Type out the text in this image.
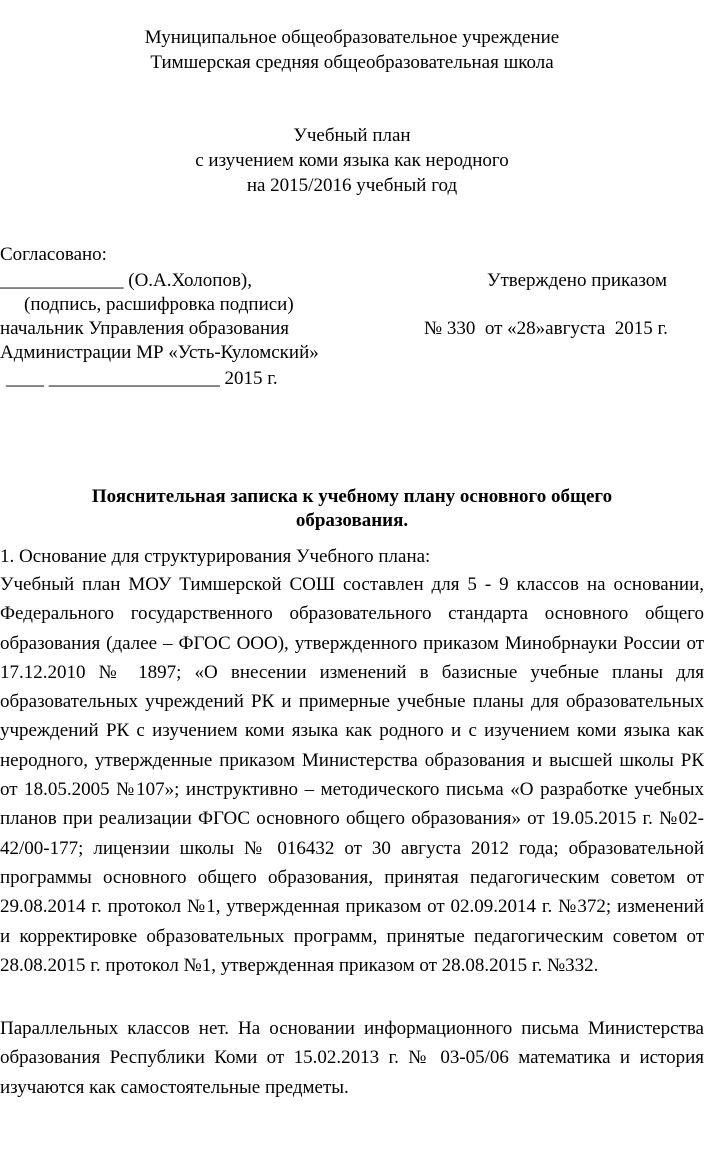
Муниципальное общеобразовательное учреждение
Тимшерская средняя общеобразовательная школа
Учебный план
с изучением коми языка как неродного
на 2015/2016 учебный год
Согласовано:
_____________ (О.А.Холопов),
(подпись, расшифровка подписи)
начальник Управления образования
Администрации МР «Усть-Куломский»
____ __________________ 2015 г.
Утверждено приказом
№ 330  от «28»августа  2015 г.
Пояснительная записка к учебному плану основного общего
образования.
1. Основание для структурирования Учебного плана:
Учебный план МОУ Тимшерской СОШ составлен для 5 - 9 классов на основании, Федерального государственного образовательного стандарта основного общего образования (далее – ФГОС ООО), утвержденного приказом Минобрнауки России от 17.12.2010 № 1897; «О внесении изменений в базисные учебные планы для образовательных учреждений РК и примерные учебные планы для образовательных учреждений РК с изучением коми языка как родного и с изучением коми языка как неродного, утвержденные приказом Министерства образования и высшей школы РК от 18.05.2005 №107»; инструктивно – методического письма «О разработке учебных планов при реализации ФГОС основного общего образования» от 19.05.2015 г. №02-42/00-177; лицензии школы № 016432 от 30 августа 2012 года; образовательной программы основного общего образования, принятая педагогическим советом от 29.08.2014 г. протокол №1, утвержденная приказом от 02.09.2014 г. №372; изменений и корректировке образовательных программ, принятые педагогическим советом от 28.08.2015 г. протокол №1, утвержденная приказом от 28.08.2015 г. №332.
Параллельных классов нет. На основании информационного письма Министерства образования Республики Коми от 15.02.2013 г. № 03-05/06 математика и история изучаются как самостоятельные предметы.
